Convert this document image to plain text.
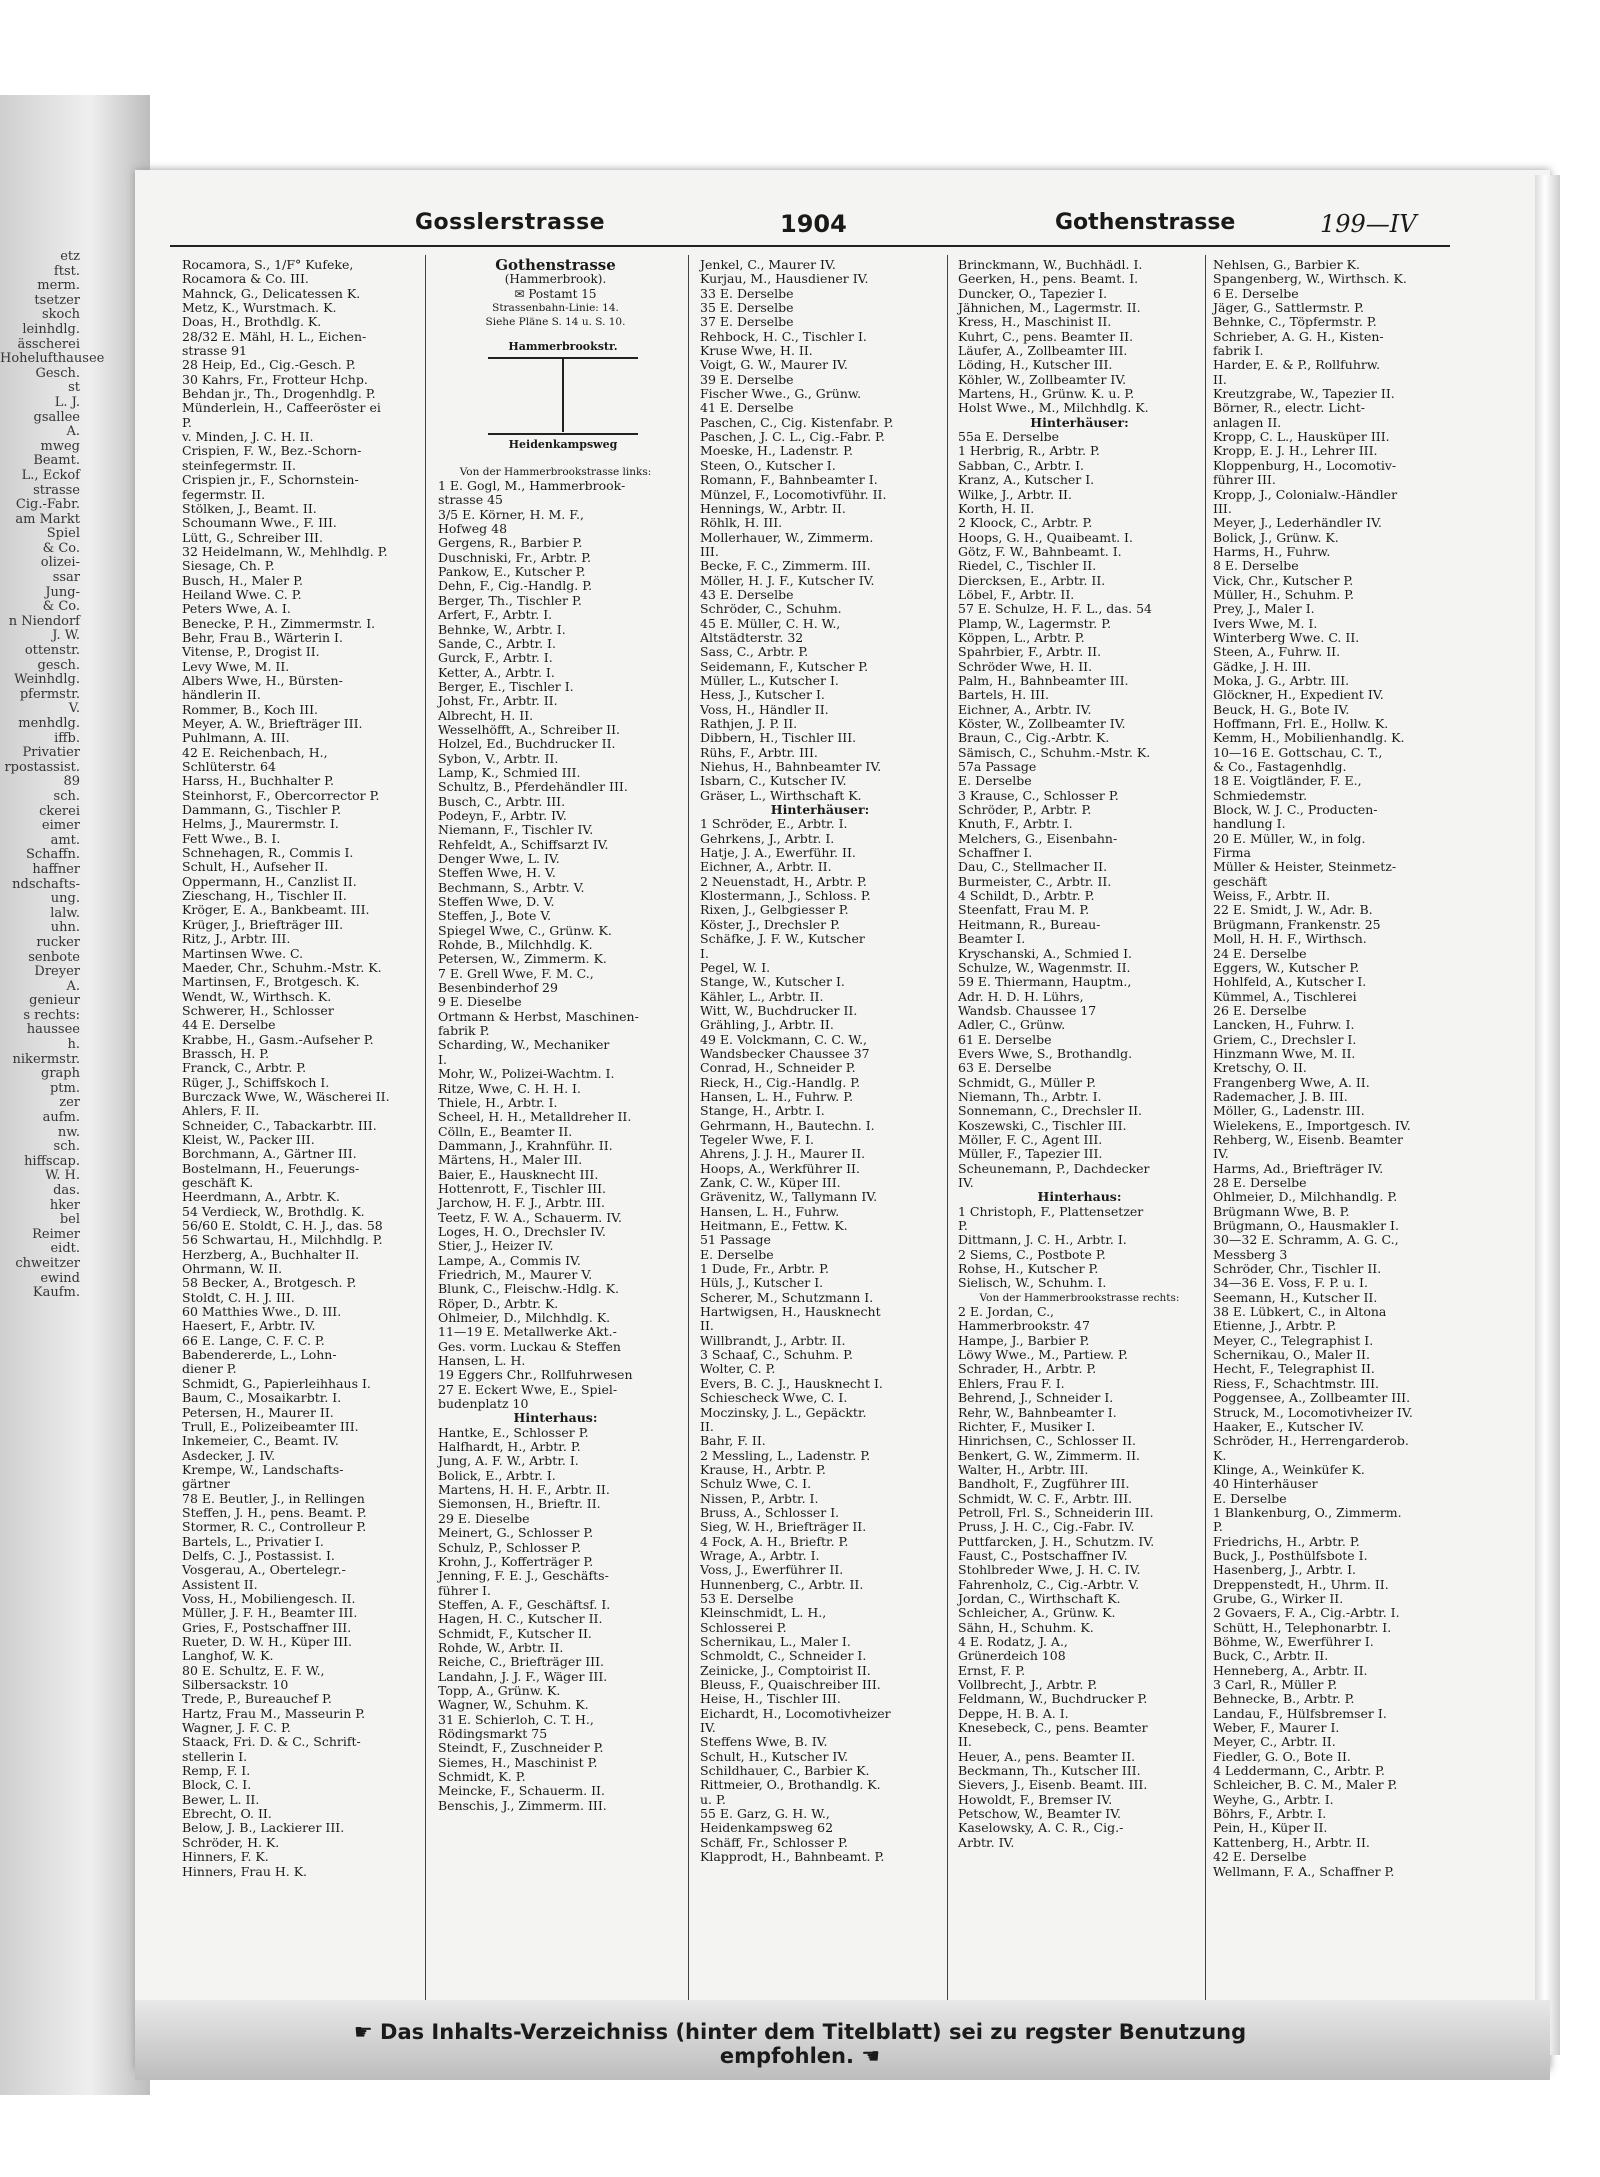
etz
ftst.
merm.
tsetzer
skoch
leinhdlg.
ässcherei
Hohelufthausee
Gesch.
st
L. J.
gsallee
A.
mweg
Beamt.
L., Eckof
strasse
Cig.-Fabr.
am Markt
Spiel
& Co.
olizei-
ssar
Jung-
& Co.
n Niendorf
J. W.
ottenstr.
gesch.
Weinhdlg.
pfermstr.
V.
menhdlg.
iffb.
Privatier
rpostassist.
89
sch.
ckerei
eimer
amt.
Schaffn.
haffner
ndschafts-
ung.
lalw.
uhn.
rucker
senbote
Dreyer
A.
genieur
s rechts:
haussee
h.
nikermstr.
graph
ptm.
zer
aufm.
nw.
sch.
hiffscap.
W. H.
das.
hker
bel
Reimer
eidt.
chweitzer
ewind
Kaufm.
Gosslerstrasse	1904	Gothenstrasse	199—IV
Rocamora, S., 1/F° Kufeke,
Rocamora & Co. III.
Mahnck, G., Delicatessen K.
Metz, K., Wurstmach. K.
Doas, H., Brothdlg. K.
28/32 E. Mähl, H. L., Eichen-
strasse 91
28 Heip, Ed., Cig.-Gesch. P.
30 Kahrs, Fr., Frotteur Hchp.
Behdan jr., Th., Drogenhdlg. P.
Münderlein, H., Caffeeröster ei
P.
v. Minden, J. C. H. II.
Crispien, F. W., Bez.-Schorn-
steinfegermstr. II.
Crispien jr., F., Schornstein-
fegermstr. II.
Stölken, J., Beamt. II.
Schoumann Wwe., F. III.
Lütt, G., Schreiber III.
32 Heidelmann, W., Mehlhdlg. P.
Siesage, Ch. P.
Busch, H., Maler P.
Heiland Wwe. C. P.
Peters Wwe, A. I.
Benecke, P. H., Zimmermstr. I.
Behr, Frau B., Wärterin I.
Vitense, P., Drogist II.
Levy Wwe, M. II.
Albers Wwe, H., Bürsten-
händlerin II.
Rommer, B., Koch III.
Meyer, A. W., Briefträger III.
Puhlmann, A. III.
42 E. Reichenbach, H.,
Schlüterstr. 64
Harss, H., Buchhalter P.
Steinhorst, F., Obercorrector P.
Dammann, G., Tischler P.
Helms, J., Maurermstr. I.
Fett Wwe., B. I.
Schnehagen, R., Commis I.
Schult, H., Aufseher II.
Oppermann, H., Canzlist II.
Zieschang, H., Tischler II.
Kröger, E. A., Bankbeamt. III.
Krüger, J., Briefträger III.
Ritz, J., Arbtr. III.
Martinsen Wwe. C.
Maeder, Chr., Schuhm.-Mstr. K.
Martinsen, F., Brotgesch. K.
Wendt, W., Wirthsch. K.
Schwerer, H., Schlosser
44 E. Derselbe
Krabbe, H., Gasm.-Aufseher P.
Brassch, H. P.
Franck, C., Arbtr. P.
Rüger, J., Schiffskoch I.
Burczack Wwe, W., Wäscherei II.
Ahlers, F. II.
Schneider, C., Tabackarbtr. III.
Kleist, W., Packer III.
Borchmann, A., Gärtner III.
Bostelmann, H., Feuerungs-
geschäft K.
Heerdmann, A., Arbtr. K.
54 Verdieck, W., Brothdlg. K.
56/60 E. Stoldt, C. H. J., das. 58
56 Schwartau, H., Milchhdlg. P.
Herzberg, A., Buchhalter II.
Ohrmann, W. II.
58 Becker, A., Brotgesch. P.
Stoldt, C. H. J. III.
60 Matthies Wwe., D. III.
Haesert, F., Arbtr. IV.
66 E. Lange, C. F. C. P.
Babendererde, L., Lohn-
diener P.
Schmidt, G., Papierleihhaus I.
Baum, C., Mosaikarbtr. I.
Petersen, H., Maurer II.
Trull, E., Polizeibeamter III.
Inkemeier, C., Beamt. IV.
Asdecker, J. IV.
Krempe, W., Landschafts-
gärtner
78 E. Beutler, J., in Rellingen
Steffen, J. H., pens. Beamt. P.
Stormer, R. C., Controlleur P.
Bartels, L., Privatier I.
Delfs, C. J., Postassist. I.
Vosgerau, A., Obertelegr.-
Assistent II.
Voss, H., Mobiliengesch. II.
Müller, J. F. H., Beamter III.
Gries, F., Postschaffner III.
Rueter, D. W. H., Küper III.
Langhof, W. K.
80 E. Schultz, E. F. W.,
Silbersackstr. 10
Trede, P., Bureauchef P.
Hartz, Frau M., Masseurin P.
Wagner, J. F. C. P.
Staack, Fri. D. & C., Schrift-
stellerin I.
Remp, F. I.
Block, C. I.
Bewer, L. II.
Ebrecht, O. II.
Below, J. B., Lackierer III.
Schröder, H. K.
Hinners, F. K.
Hinners, Frau H. K.
Gothenstrasse
(Hammerbrook).
✉ Postamt 15
Strassenbahn-Linie: 14.
Siehe Pläne S. 14 u. S. 10.
Hammerbrookstr.
Heidenkampsweg
Von der Hammerbrookstrasse links:
1 E. Gogl, M., Hammerbrook-
strasse 45
3/5 E. Körner, H. M. F.,
Hofweg 48
Gergens, R., Barbier P.
Duschniski, Fr., Arbtr. P.
Pankow, E., Kutscher P.
Dehn, F., Cig.-Handlg. P.
Berger, Th., Tischler P.
Arfert, F., Arbtr. I.
Behnke, W., Arbtr. I.
Sande, C., Arbtr. I.
Gurck, F., Arbtr. I.
Ketter, A., Arbtr. I.
Berger, E., Tischler I.
Johst, Fr., Arbtr. II.
Albrecht, H. II.
Wesselhöfft, A., Schreiber II.
Holzel, Ed., Buchdrucker II.
Sybon, V., Arbtr. II.
Lamp, K., Schmied III.
Schultz, B., Pferdehändler III.
Busch, C., Arbtr. III.
Podeyn, F., Arbtr. IV.
Niemann, F., Tischler IV.
Rehfeldt, A., Schiffsarzt IV.
Denger Wwe, L. IV.
Steffen Wwe, H. V.
Bechmann, S., Arbtr. V.
Steffen Wwe, D. V.
Steffen, J., Bote V.
Spiegel Wwe, C., Grünw. K.
Rohde, B., Milchhdlg. K.
Petersen, W., Zimmerm. K.
7 E. Grell Wwe, F. M. C.,
Besenbinderhof 29
9 E. Dieselbe
Ortmann & Herbst, Maschinen-
fabrik P.
Scharding, W., Mechaniker
I.
Mohr, W., Polizei-Wachtm. I.
Ritze, Wwe, C. H. H. I.
Thiele, H., Arbtr. I.
Scheel, H. H., Metalldreher II.
Cölln, E., Beamter II.
Dammann, J., Krahnführ. II.
Märtens, H., Maler III.
Baier, E., Hausknecht III.
Hottenrott, F., Tischler III.
Jarchow, H. F. J., Arbtr. III.
Teetz, F. W. A., Schauerm. IV.
Loges, H. O., Drechsler IV.
Stier, J., Heizer IV.
Lampe, A., Commis IV.
Friedrich, M., Maurer V.
Blunk, C., Fleischw.-Hdlg. K.
Röper, D., Arbtr. K.
Ohlmeier, D., Milchhdlg. K.
11—19 E. Metallwerke Akt.-
Ges. vorm. Luckau & Steffen
Hansen, L. H.
19 Eggers Chr., Rollfuhrwesen
27 E. Eckert Wwe, E., Spiel-
budenplatz 10
Hinterhaus:
Hantke, E., Schlosser P.
Halfhardt, H., Arbtr. P.
Jung, A. F. W., Arbtr. I.
Bolick, E., Arbtr. I.
Martens, H. H. F., Arbtr. II.
Siemonsen, H., Brieftr. II.
29 E. Dieselbe
Meinert, G., Schlosser P.
Schulz, P., Schlosser P.
Krohn, J., Kofferträger P.
Jenning, F. E. J., Geschäfts-
führer I.
Steffen, A. F., Geschäftsf. I.
Hagen, H. C., Kutscher II.
Schmidt, F., Kutscher II.
Rohde, W., Arbtr. II.
Reiche, C., Briefträger III.
Landahn, J. J. F., Wäger III.
Topp, A., Grünw. K.
Wagner, W., Schuhm. K.
31 E. Schierloh, C. T. H.,
Rödingsmarkt 75
Steindt, F., Zuschneider P.
Siemes, H., Maschinist P.
Schmidt, K. P.
Meincke, F., Schauerm. II.
Benschis, J., Zimmerm. III.
Jenkel, C., Maurer IV.
Kurjau, M., Hausdiener IV.
33 E. Derselbe
35 E. Derselbe
37 E. Derselbe
Rehbock, H. C., Tischler I.
Kruse Wwe, H. II.
Voigt, G. W., Maurer IV.
39 E. Derselbe
Fischer Wwe., G., Grünw.
41 E. Derselbe
Paschen, C., Cig. Kistenfabr. P.
Paschen, J. C. L., Cig.-Fabr. P.
Moeske, H., Ladenstr. P.
Steen, O., Kutscher I.
Romann, F., Bahnbeamter I.
Münzel, F., Locomotivführ. II.
Hennings, W., Arbtr. II.
Röhlk, H. III.
Mollerhauer, W., Zimmerm.
III.
Becke, F. C., Zimmerm. III.
Möller, H. J. F., Kutscher IV.
43 E. Derselbe
Schröder, C., Schuhm.
45 E. Müller, C. H. W.,
Altstädterstr. 32
Sass, C., Arbtr. P.
Seidemann, F., Kutscher P.
Müller, L., Kutscher I.
Hess, J., Kutscher I.
Voss, H., Händler II.
Rathjen, J. P. II.
Dibbern, H., Tischler III.
Rühs, F., Arbtr. III.
Niehus, H., Bahnbeamter IV.
Isbarn, C., Kutscher IV.
Gräser, L., Wirthschaft K.
Hinterhäuser:
1 Schröder, E., Arbtr. I.
Gehrkens, J., Arbtr. I.
Hatje, J. A., Ewerführ. II.
Eichner, A., Arbtr. II.
2 Neuenstadt, H., Arbtr. P.
Klostermann, J., Schloss. P.
Rixen, J., Gelbgiesser P.
Köster, J., Drechsler P.
Schäfke, J. F. W., Kutscher
I.
Pegel, W. I.
Stange, W., Kutscher I.
Kähler, L., Arbtr. II.
Witt, W., Buchdrucker II.
Grähling, J., Arbtr. II.
49 E. Volckmann, C. C. W.,
Wandsbecker Chaussee 37
Conrad, H., Schneider P.
Rieck, H., Cig.-Handlg. P.
Hansen, L. H., Fuhrw. P.
Stange, H., Arbtr. I.
Gehrmann, H., Bautechn. I.
Tegeler Wwe, F. I.
Ahrens, J. J. H., Maurer II.
Hoops, A., Werkführer II.
Zank, C. W., Küper III.
Grävenitz, W., Tallymann IV.
Hansen, L. H., Fuhrw.
Heitmann, E., Fettw. K.
51 Passage
E. Derselbe
1 Dude, Fr., Arbtr. P.
Hüls, J., Kutscher I.
Scherer, M., Schutzmann I.
Hartwigsen, H., Hausknecht
II.
Willbrandt, J., Arbtr. II.
3 Schaaf, C., Schuhm. P.
Wolter, C. P.
Evers, B. C. J., Hausknecht I.
Schiescheck Wwe, C. I.
Moczinsky, J. L., Gepäcktr.
II.
Bahr, F. II.
2 Messling, L., Ladenstr. P.
Krause, H., Arbtr. P.
Schulz Wwe, C. I.
Nissen, P., Arbtr. I.
Bruss, A., Schlosser I.
Sieg, W. H., Briefträger II.
4 Fock, A. H., Brieftr. P.
Wrage, A., Arbtr. I.
Voss, J., Ewerführer II.
Hunnenberg, C., Arbtr. II.
53 E. Derselbe
Kleinschmidt, L. H.,
Schlosserei P.
Schernikau, L., Maler I.
Schmoldt, C., Schneider I.
Zeinicke, J., Comptoirist II.
Bleuss, F., Quaischreiber III.
Heise, H., Tischler III.
Eichardt, H., Locomotivheizer
IV.
Steffens Wwe, B. IV.
Schult, H., Kutscher IV.
Schildhauer, C., Barbier K.
Rittmeier, O., Brothandlg. K.
u. P.
55 E. Garz, G. H. W.,
Heidenkampsweg 62
Schäff, Fr., Schlosser P.
Klapprodt, H., Bahnbeamt. P.
Brinckmann, W., Buchhädl. I.
Geerken, H., pens. Beamt. I.
Duncker, O., Tapezier I.
Jähnichen, M., Lagermstr. II.
Kress, H., Maschinist II.
Kuhrt, C., pens. Beamter II.
Läufer, A., Zollbeamter III.
Löding, H., Kutscher III.
Köhler, W., Zollbeamter IV.
Martens, H., Grünw. K. u. P.
Holst Wwe., M., Milchhdlg. K.
Hinterhäuser:
55a E. Derselbe
1 Herbrig, R., Arbtr. P.
Sabban, C., Arbtr. I.
Kranz, A., Kutscher I.
Wilke, J., Arbtr. II.
Korth, H. II.
2 Kloock, C., Arbtr. P.
Hoops, G. H., Quaibeamt. I.
Götz, F. W., Bahnbeamt. I.
Riedel, C., Tischler II.
Diercksen, E., Arbtr. II.
Löbel, F., Arbtr. II.
57 E. Schulze, H. F. L., das. 54
Plamp, W., Lagermstr. P.
Köppen, L., Arbtr. P.
Spahrbier, F., Arbtr. II.
Schröder Wwe, H. II.
Palm, H., Bahnbeamter III.
Bartels, H. III.
Eichner, A., Arbtr. IV.
Köster, W., Zollbeamter IV.
Braun, C., Cig.-Arbtr. K.
Sämisch, C., Schuhm.-Mstr. K.
57a Passage
E. Derselbe
3 Krause, C., Schlosser P.
Schröder, P., Arbtr. P.
Knuth, F., Arbtr. I.
Melchers, G., Eisenbahn-
Schaffner I.
Dau, C., Stellmacher II.
Burmeister, C., Arbtr. II.
4 Schildt, D., Arbtr. P.
Steenfatt, Frau M. P.
Heitmann, R., Bureau-
Beamter I.
Kryschanski, A., Schmied I.
Schulze, W., Wagenmstr. II.
59 E. Thiermann, Hauptm.,
Adr. H. D. H. Lührs,
Wandsb. Chaussee 17
Adler, C., Grünw.
61 E. Derselbe
Evers Wwe, S., Brothandlg.
63 E. Derselbe
Schmidt, G., Müller P.
Niemann, Th., Arbtr. I.
Sonnemann, C., Drechsler II.
Koszewski, C., Tischler III.
Möller, F. C., Agent III.
Müller, F., Tapezier III.
Scheunemann, P., Dachdecker
IV.
Hinterhaus:
1 Christoph, F., Plattensetzer
P.
Dittmann, J. C. H., Arbtr. I.
2 Siems, C., Postbote P.
Rohse, H., Kutscher P.
Sielisch, W., Schuhm. I.
Von der Hammerbrookstrasse rechts:
2 E. Jordan, C.,
Hammerbrookstr. 47
Hampe, J., Barbier P.
Löwy Wwe., M., Partiew. P.
Schrader, H., Arbtr. P.
Ehlers, Frau F. I.
Behrend, J., Schneider I.
Rehr, W., Bahnbeamter I.
Richter, F., Musiker I.
Hinrichsen, C., Schlosser II.
Benkert, G. W., Zimmerm. II.
Walter, H., Arbtr. III.
Bandholt, F., Zugführer III.
Schmidt, W. C. F., Arbtr. III.
Petroll, Frl. S., Schneiderin III.
Pruss, J. H. C., Cig.-Fabr. IV.
Puttfarcken, J. H., Schutzm. IV.
Faust, C., Postschaffner IV.
Stohlbreder Wwe, J. H. C. IV.
Fahrenholz, C., Cig.-Arbtr. V.
Jordan, C., Wirthschaft K.
Schleicher, A., Grünw. K.
Sähn, H., Schuhm. K.
4 E. Rodatz, J. A.,
Grünerdeich 108
Ernst, F. P.
Vollbrecht, J., Arbtr. P.
Feldmann, W., Buchdrucker P.
Deppe, H. B. A. I.
Knesebeck, C., pens. Beamter
II.
Heuer, A., pens. Beamter II.
Beckmann, Th., Kutscher III.
Sievers, J., Eisenb. Beamt. III.
Howoldt, F., Bremser IV.
Petschow, W., Beamter IV.
Kaselowsky, A. C. R., Cig.-
Arbtr. IV.
Nehlsen, G., Barbier K.
Spangenberg, W., Wirthsch. K.
6 E. Derselbe
Jäger, G., Sattlermstr. P.
Behnke, C., Töpfermstr. P.
Schrieber, A. G. H., Kisten-
fabrik I.
Harder, E. & P., Rollfuhrw.
II.
Kreutzgrabe, W., Tapezier II.
Börner, R., electr. Licht-
anlagen II.
Kropp, C. L., Hausküper III.
Kropp, E. J. H., Lehrer III.
Kloppenburg, H., Locomotiv-
führer III.
Kropp, J., Colonialw.-Händler
III.
Meyer, J., Lederhändler IV.
Bolick, J., Grünw. K.
Harms, H., Fuhrw.
8 E. Derselbe
Vick, Chr., Kutscher P.
Müller, H., Schuhm. P.
Prey, J., Maler I.
Ivers Wwe, M. I.
Winterberg Wwe. C. II.
Steen, A., Fuhrw. II.
Gädke, J. H. III.
Moka, J. G., Arbtr. III.
Glöckner, H., Expedient IV.
Beuck, H. G., Bote IV.
Hoffmann, Frl. E., Hollw. K.
Kemm, H., Mobilienhandlg. K.
10—16 E. Gottschau, C. T.,
& Co., Fastagenhdlg.
18 E. Voigtländer, F. E.,
Schmiedemstr.
Block, W. J. C., Producten-
handlung I.
20 E. Müller, W., in folg.
Firma
Müller & Heister, Steinmetz-
geschäft
Weiss, F., Arbtr. II.
22 E. Smidt, J. W., Adr. B.
Brügmann, Frankenstr. 25
Moll, H. H. F., Wirthsch.
24 E. Derselbe
Eggers, W., Kutscher P.
Hohlfeld, A., Kutscher I.
Kümmel, A., Tischlerei
26 E. Derselbe
Lancken, H., Fuhrw. I.
Griem, C., Drechsler I.
Hinzmann Wwe, M. II.
Kretschy, O. II.
Frangenberg Wwe, A. II.
Rademacher, J. B. III.
Möller, G., Ladenstr. III.
Wielekens, E., Importgesch. IV.
Rehberg, W., Eisenb. Beamter
IV.
Harms, Ad., Briefträger IV.
28 E. Derselbe
Ohlmeier, D., Milchhandlg. P.
Brügmann Wwe, B. P.
Brügmann, O., Hausmakler I.
30—32 E. Schramm, A. G. C.,
Messberg 3
Schröder, Chr., Tischler II.
34—36 E. Voss, F. P. u. I.
Seemann, H., Kutscher II.
38 E. Lübkert, C., in Altona
Etienne, J., Arbtr. P.
Meyer, C., Telegraphist I.
Schernikau, O., Maler II.
Hecht, F., Telegraphist II.
Riess, F., Schachtmstr. III.
Poggensee, A., Zollbeamter III.
Struck, M., Locomotivheizer IV.
Haaker, E., Kutscher IV.
Schröder, H., Herrengarderob.
K.
Klinge, A., Weinküfer K.
40 Hinterhäuser
E. Derselbe
1 Blankenburg, O., Zimmerm.
P.
Friedrichs, H., Arbtr. P.
Buck, J., Posthülfsbote I.
Hasenberg, J., Arbtr. I.
Dreppenstedt, H., Uhrm. II.
Grube, G., Wirker II.
2 Govaers, F. A., Cig.-Arbtr. I.
Schütt, H., Telephonarbtr. I.
Böhme, W., Ewerführer I.
Buck, C., Arbtr. II.
Henneberg, A., Arbtr. II.
3 Carl, R., Müller P.
Behnecke, B., Arbtr. P.
Landau, F., Hülfsbremser I.
Weber, F., Maurer I.
Meyer, C., Arbtr. II.
Fiedler, G. O., Bote II.
4 Leddermann, C., Arbtr. P.
Schleicher, B. C. M., Maler P.
Weyhe, G., Arbtr. I.
Böhrs, F., Arbtr. I.
Pein, H., Küper II.
Kattenberg, H., Arbtr. II.
42 E. Derselbe
Wellmann, F. A., Schaffner P.
☛ Das Inhalts-Verzeichniss (hinter dem Titelblatt) sei zu regster Benutzung empfohlen. ☚
